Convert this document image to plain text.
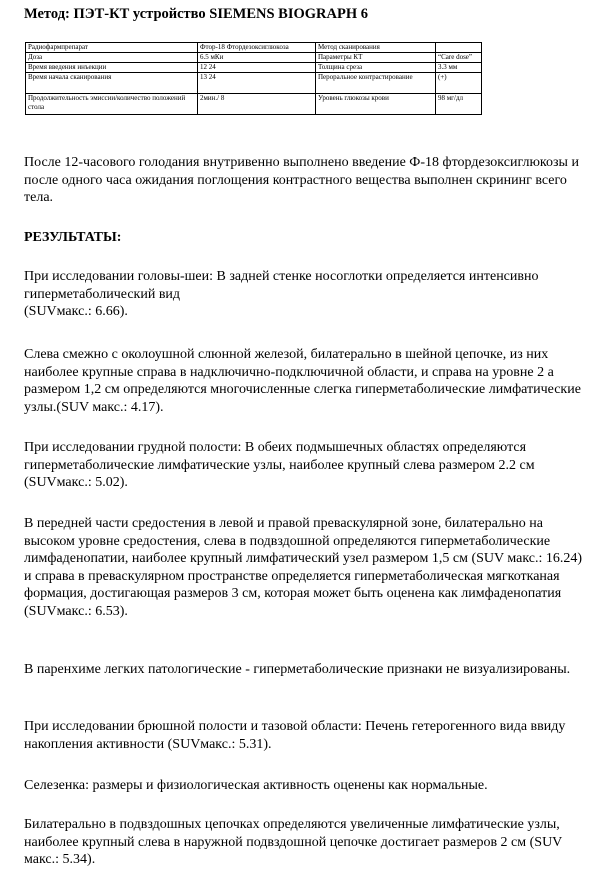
Метод: ПЭТ-КТ устройство SIEMENS BIOGRAPH 6
Радиофармпрепарат	Фтор-18 Фтордезоксиглюкоза	Метод сканирования	
Доза	6.5 мКи	Параметры КТ	“Care dose”
Время введения инъекции	12 24	Толщина среза	3.3 мм
Время начала сканирования	13 24	Пероральное контрастирование	(+)
Продолжительность эмиссии/количество положений стола	2мин./ 8	Уровень глюкозы крови	98 мг/дл
После 12-часового голодания внутривенно выполнено введение Ф-18 фтордезоксиглюкозы и после одного часа ожидания поглощения контрастного вещества выполнен скрининг всего тела.
РЕЗУЛЬТАТЫ:
При исследовании головы-шеи: В задней стенке носоглотки определяется интенсивно гиперметаболический вид
(SUVмакс.: 6.66).
Слева смежно с околоушной слюнной железой, билатерально в шейной цепочке, из них наиболее крупные справа в надключично-подключичной области, и справа на уровне 2 а размером 1,2 см определяются многочисленные слегка гиперметаболические лимфатические узлы.(SUV макс.: 4.17).
При исследовании грудной полости: В обеих подмышечных областях определяются гиперметаболические лимфатические узлы, наиболее крупный слева размером 2.2 см (SUVмакс.: 5.02).
В передней части средостения в левой и правой преваскулярной зоне, билатерально на высоком уровне средостения, слева в подвздошной определяются гиперметаболические лимфаденопатии, наиболее крупный лимфатический узел размером 1,5 см (SUV макс.: 16.24) и справа в преваскулярном пространстве определяется гиперметаболическая мягкотканая формация, достигающая размеров 3 см, которая может быть оценена как лимфаденопатия (SUVмакс.: 6.53).
В паренхиме легких патологические - гиперметаболические признаки не визуализированы.
При исследовании брюшной полости и тазовой области: Печень гетерогенного вида ввиду накопления активности (SUVмакс.: 5.31).
Селезенка: размеры и физиологическая активность оценены как нормальные.
Билатерально в подвздошных цепочках определяются увеличенные лимфатические узлы, наиболее крупный слева в наружной подвздошной цепочке достигает размеров 2 см (SUV макс.: 5.34).
